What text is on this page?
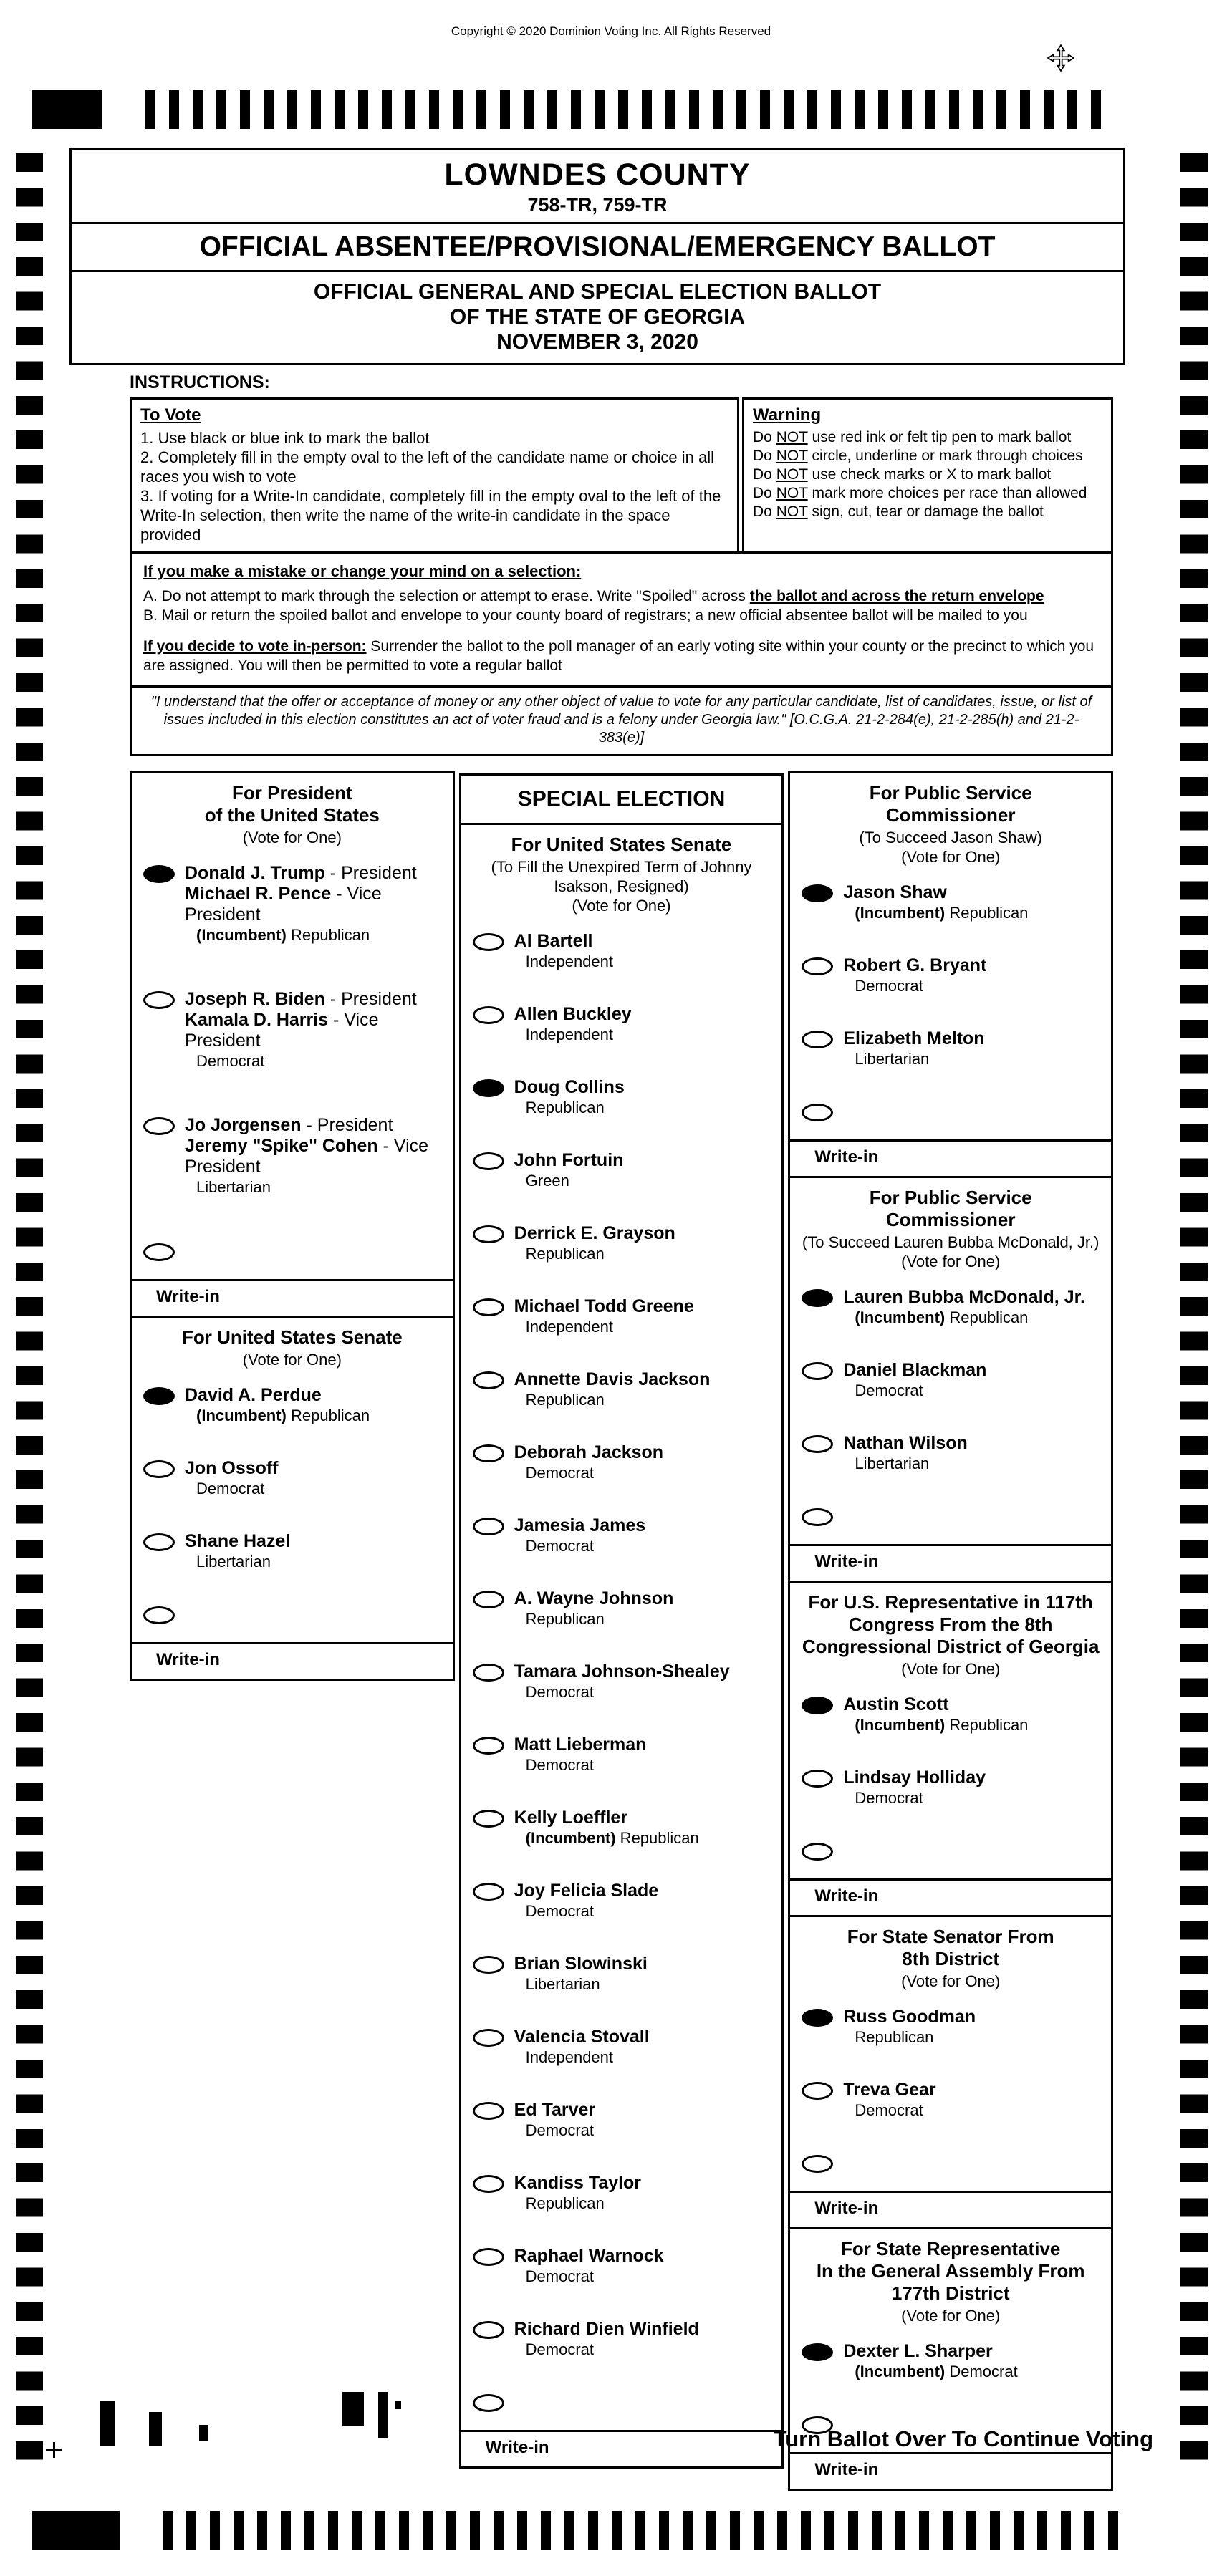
Copyright © 2020 Dominion Voting Inc. All Rights Reserved
LOWNDES COUNTY
758-TR, 759-TR
OFFICIAL ABSENTEE/PROVISIONAL/EMERGENCY BALLOT
OFFICIAL GENERAL AND SPECIAL ELECTION BALLOT
OF THE STATE OF GEORGIA
NOVEMBER 3, 2020
INSTRUCTIONS:
To Vote
1. Use black or blue ink to mark the ballot
2. Completely fill in the empty oval to the left of the candidate name or choice in all races you wish to vote
3. If voting for a Write-In candidate, completely fill in the empty oval to the left of the Write-In selection, then write the name of the write-in candidate in the space provided
Warning
Do NOT use red ink or felt tip pen to mark ballot
Do NOT circle, underline or mark through choices
Do NOT use check marks or X to mark ballot
Do NOT mark more choices per race than allowed
Do NOT sign, cut, tear or damage the ballot
If you make a mistake or change your mind on a selection:
A. Do not attempt to mark through the selection or attempt to erase. Write "Spoiled" across the ballot and across the return envelope
B. Mail or return the spoiled ballot and envelope to your county board of registrars; a new official absentee ballot will be mailed to you
If you decide to vote in-person: Surrender the ballot to the poll manager of an early voting site within your county or the precinct to which you are assigned. You will then be permitted to vote a regular ballot
"I understand that the offer or acceptance of money or any other object of value to vote for any particular candidate, list of candidates, issue, or list of issues included in this election constitutes an act of voter fraud and is a felony under Georgia law." [O.C.G.A. 21-2-284(e), 21-2-285(h) and 21-2-383(e)]
For President
of the United States
(Vote for One)
Donald J. Trump - President
Michael R. Pence - Vice President
(Incumbent) Republican
Joseph R. Biden - President
Kamala D. Harris - Vice President
Democrat
Jo Jorgensen - President
Jeremy "Spike" Cohen - Vice President
Libertarian
Write-in
For United States Senate
(Vote for One)
David A. Perdue
(Incumbent) Republican
Jon Ossoff
Democrat
Shane Hazel
Libertarian
Write-in
SPECIAL ELECTION
For United States Senate
(To Fill the Unexpired Term of Johnny
Isakson, Resigned)
(Vote for One)
Al Bartell
Independent
Allen Buckley
Independent
Doug Collins
Republican
John Fortuin
Green
Derrick E. Grayson
Republican
Michael Todd Greene
Independent
Annette Davis Jackson
Republican
Deborah Jackson
Democrat
Jamesia James
Democrat
A. Wayne Johnson
Republican
Tamara Johnson-Shealey
Democrat
Matt Lieberman
Democrat
Kelly Loeffler
(Incumbent) Republican
Joy Felicia Slade
Democrat
Brian Slowinski
Libertarian
Valencia Stovall
Independent
Ed Tarver
Democrat
Kandiss Taylor
Republican
Raphael Warnock
Democrat
Richard Dien Winfield
Democrat
Write-in
For Public Service
Commissioner
(To Succeed Jason Shaw)
(Vote for One)
Jason Shaw
(Incumbent) Republican
Robert G. Bryant
Democrat
Elizabeth Melton
Libertarian
Write-in
For Public Service
Commissioner
(To Succeed Lauren Bubba McDonald, Jr.)
(Vote for One)
Lauren Bubba McDonald, Jr.
(Incumbent) Republican
Daniel Blackman
Democrat
Nathan Wilson
Libertarian
Write-in
For U.S. Representative in 117th
Congress From the 8th
Congressional District of Georgia
(Vote for One)
Austin Scott
(Incumbent) Republican
Lindsay Holliday
Democrat
Write-in
For State Senator From
8th District
(Vote for One)
Russ Goodman
Republican
Treva Gear
Democrat
Write-in
For State Representative
In the General Assembly From
177th District
(Vote for One)
Dexter L. Sharper
(Incumbent) Democrat
Write-in
Turn Ballot Over To Continue Voting
